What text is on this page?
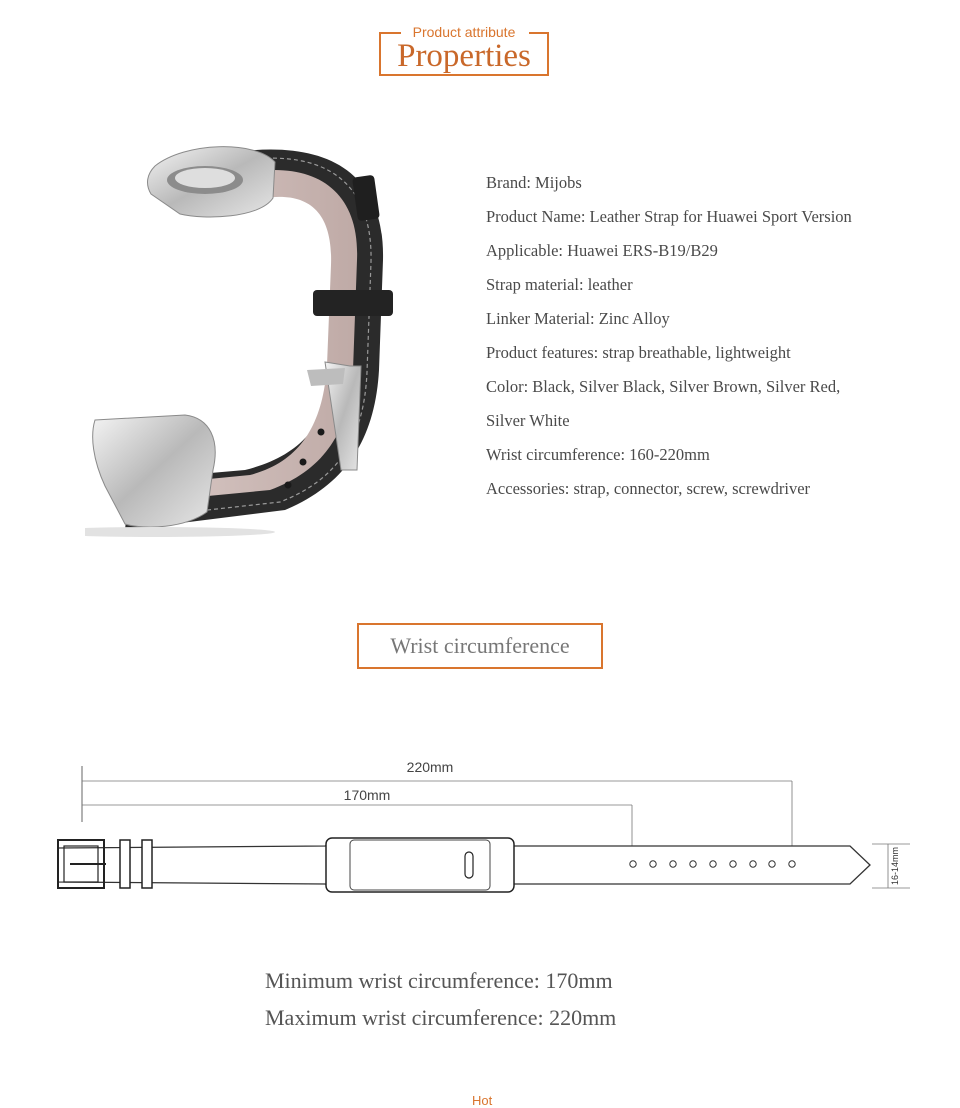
Product attribute
Properties
Brand: Mijobs
Product Name: Leather Strap for Huawei Sport Version
Applicable: Huawei ERS-B19/B29
Strap material: leather
Linker Material: Zinc Alloy
Product features: strap breathable, lightweight
Color: Black, Silver Black, Silver Brown, Silver Red,
Silver White
Wrist circumference: 160-220mm
Accessories: strap, connector, screw, screwdriver
Wrist circumference
220mm
170mm
16-14mm
Minimum wrist circumference: 170mm
Maximum wrist circumference: 220mm
Hot
